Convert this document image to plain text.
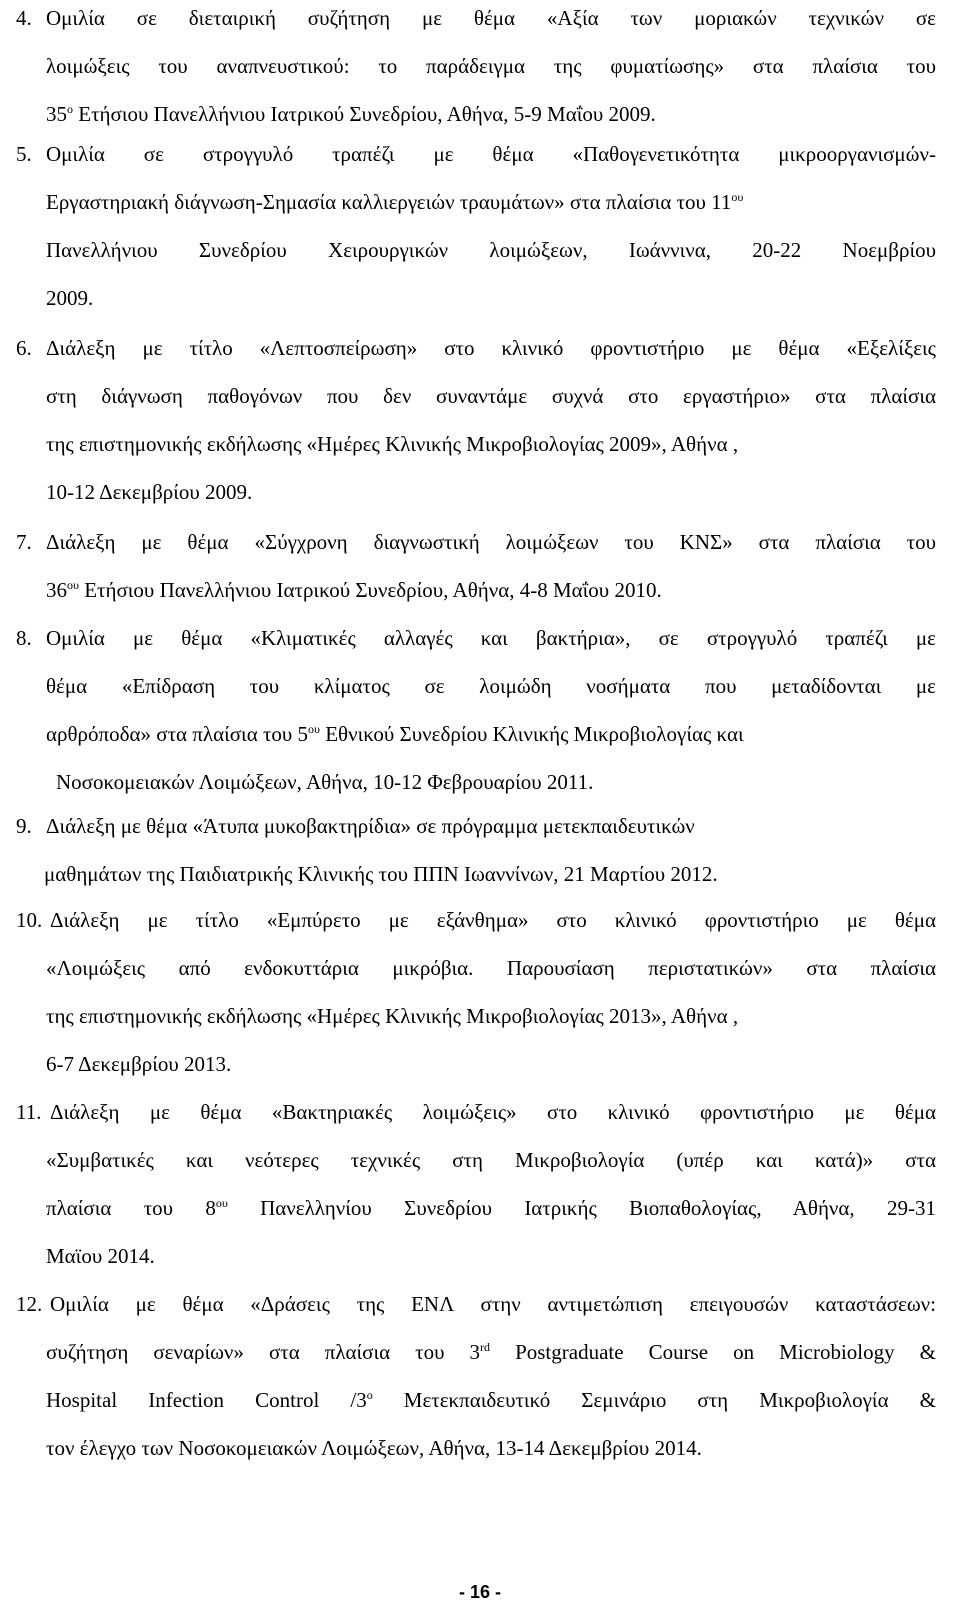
4. Ομιλία σε διεταιρική συζήτηση με θέμα «Αξία των μοριακών τεχνικών σε
λοιμώξεις του αναπνευστικού: το παράδειγμα της φυματίωσης» στα πλαίσια του
$35^o$ Ετήσιου Πανελλήνιου Ιατρικού Συνεδρίου, Αθήνα, 5-9 Μαΐου 2009.
5. Ομιλία σε στρογγυλό τραπέζι με θέμα «Παθογενετικότητα μικροοργανισμών-
Εργαστηριακή διάγνωση-Σημασία καλλιεργειών τραυμάτων» στα πλαίσια του $11^{o\upsilon}$
Πανελλήνιου Συνεδρίου Χειρουργικών λοιμώξεων, Ιωάννινα, 20-22 Νοεμβρίου
2009.
6. Διάλεξη με τίτλο «Λεπτοσπείρωση» στο κλινικό φροντιστήριο με θέμα «Εξελίξεις
στη διάγνωση παθογόνων που δεν συναντάμε συχνά στο εργαστήριο» στα πλαίσια
της επιστημονικής εκδήλωσης «Ημέρες Κλινικής Μικροβιολογίας 2009», Αθήνα ,
10-12 Δεκεμβρίου 2009.
7. Διάλεξη με θέμα «Σύγχρονη διαγνωστική λοιμώξεων του ΚΝΣ» στα πλαίσια του
$36^{o\upsilon}$ Ετήσιου Πανελλήνιου Ιατρικού Συνεδρίου, Αθήνα, 4-8 Μαΐου 2010.
8. Ομιλία με θέμα «Κλιματικές αλλαγές και βακτήρια», σε στρογγυλό τραπέζι με
θέμα «Επίδραση του κλίματος σε λοιμώδη νοσήματα που μεταδίδονται με
αρθρόποδα» στα πλαίσια του $5^{o\upsilon}$ Εθνικού Συνεδρίου Κλινικής Μικροβιολογίας και
Νοσοκομειακών Λοιμώξεων, Αθήνα, 10-12 Φεβρουαρίου 2011.
9. Διάλεξη με θέμα «Άτυπα μυκοβακτηρίδια» σε πρόγραμμα μετεκπαιδευτικών
μαθημάτων της Παιδιατρικής Κλινικής του ΠΠΝ Ιωαννίνων, 21 Μαρτίου 2012.
10. Διάλεξη με τίτλο «Εμπύρετο με εξάνθημα» στο κλινικό φροντιστήριο με θέμα
«Λοιμώξεις από ενδοκυττάρια μικρόβια. Παρουσίαση περιστατικών» στα πλαίσια
της επιστημονικής εκδήλωσης «Ημέρες Κλινικής Μικροβιολογίας 2013», Αθήνα ,
6-7 Δεκεμβρίου 2013.
11. Διάλεξη με θέμα «Βακτηριακές λοιμώξεις» στο κλινικό φροντιστήριο με θέμα
«Συμβατικές και νεότερες τεχνικές στη Μικροβιολογία (υπέρ και κατά)» στα
πλαίσια του $8^{o\upsilon}$ Πανελληνίου Συνεδρίου Ιατρικής Βιοπαθολογίας, Αθήνα, 29-31
Μαϊου 2014.
12. Ομιλία με θέμα «Δράσεις της ΕΝΛ στην αντιμετώπιση επειγουσών καταστάσεων:
συζήτηση σεναρίων» στα πλαίσια του 3rd Postgraduate Course on Microbiology &
Hospital Infection Control $/3^o$ Μετεκπαιδευτικό Σεμινάριο στη Μικροβιολογία &
τον έλεγχο των Νοσοκομειακών Λοιμώξεων, Αθήνα, 13-14 Δεκεμβρίου 2014.
- 16 -
